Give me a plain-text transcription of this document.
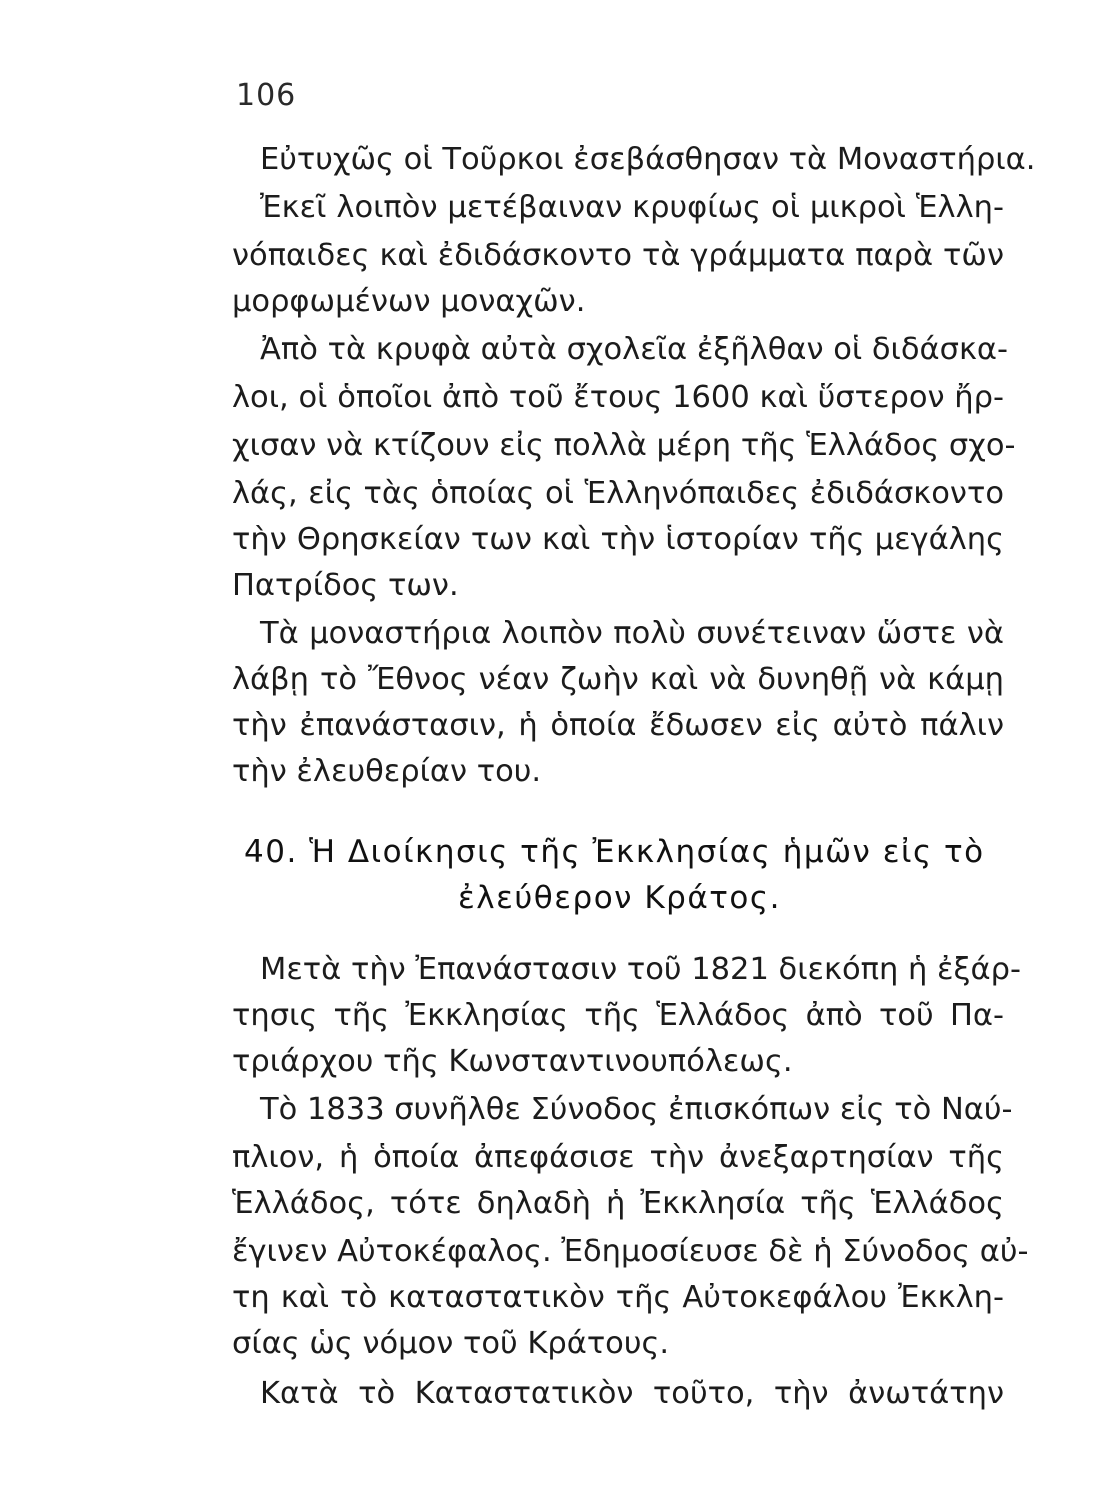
106
Εὐτυχῶς οἱ Τοῦρκοι ἐσεβάσθησαν τὰ Μοναστήρια.
Ἐκεῖ λοιπὸν μετέβαιναν κρυφίως οἱ μικροὶ Ἑλλη-
νόπαιδες καὶ ἐδιδάσκοντο τὰ γράμματα παρὰ τῶν
μορφωμένων μοναχῶν.
Ἀπὸ τὰ κρυφὰ αὐτὰ σχολεῖα ἐξῆλθαν οἱ διδάσκα-
λοι, οἱ ὁποῖοι ἀπὸ τοῦ ἔτους 1600 καὶ ὕστερον ἤρ-
χισαν νὰ κτίζουν εἰς πολλὰ μέρη τῆς Ἑλλάδος σχο-
λάς, εἰς τὰς ὁποίας οἱ Ἑλληνόπαιδες ἐδιδάσκοντο
τὴν Θρησκείαν των καὶ τὴν ἱστορίαν τῆς μεγάλης
Πατρίδος των.
Τὰ μοναστήρια λοιπὸν πολὺ συνέτειναν ὥστε νὰ
λάβῃ τὸ Ἔθνος νέαν ζωὴν καὶ νὰ δυνηθῇ νὰ κάμῃ
τὴν ἐπανάστασιν, ἡ ὁποία ἔδωσεν εἰς αὐτὸ πάλιν
τὴν ἐλευθερίαν του.
40. Ἡ Διοίκησις τῆς Ἐκκλησίας ἡμῶν εἰς τὸ
ἐλεύθερον Κράτος.
Μετὰ τὴν Ἐπανάστασιν τοῦ 1821 διεκόπη ἡ ἐξάρ-
τησις τῆς Ἐκκλησίας τῆς Ἑλλάδος ἀπὸ τοῦ Πα-
τριάρχου τῆς Κωνσταντινουπόλεως.
Τὸ 1833 συνῆλθε Σύνοδος ἐπισκόπων εἰς τὸ Ναύ-
πλιον, ἡ ὁποία ἀπεφάσισε τὴν ἀνεξαρτησίαν τῆς
Ἑλλάδος, τότε δηλαδὴ ἡ Ἐκκλησία τῆς Ἑλλάδος
ἔγινεν Αὐτοκέφαλος. Ἐδημοσίευσε δὲ ἡ Σύνοδος αὐ-
τη καὶ τὸ καταστατικὸν τῆς Αὐτοκεφάλου Ἐκκλη-
σίας ὡς νόμον τοῦ Κράτους.
Κατὰ τὸ Καταστατικὸν τοῦτο, τὴν ἀνωτάτην
